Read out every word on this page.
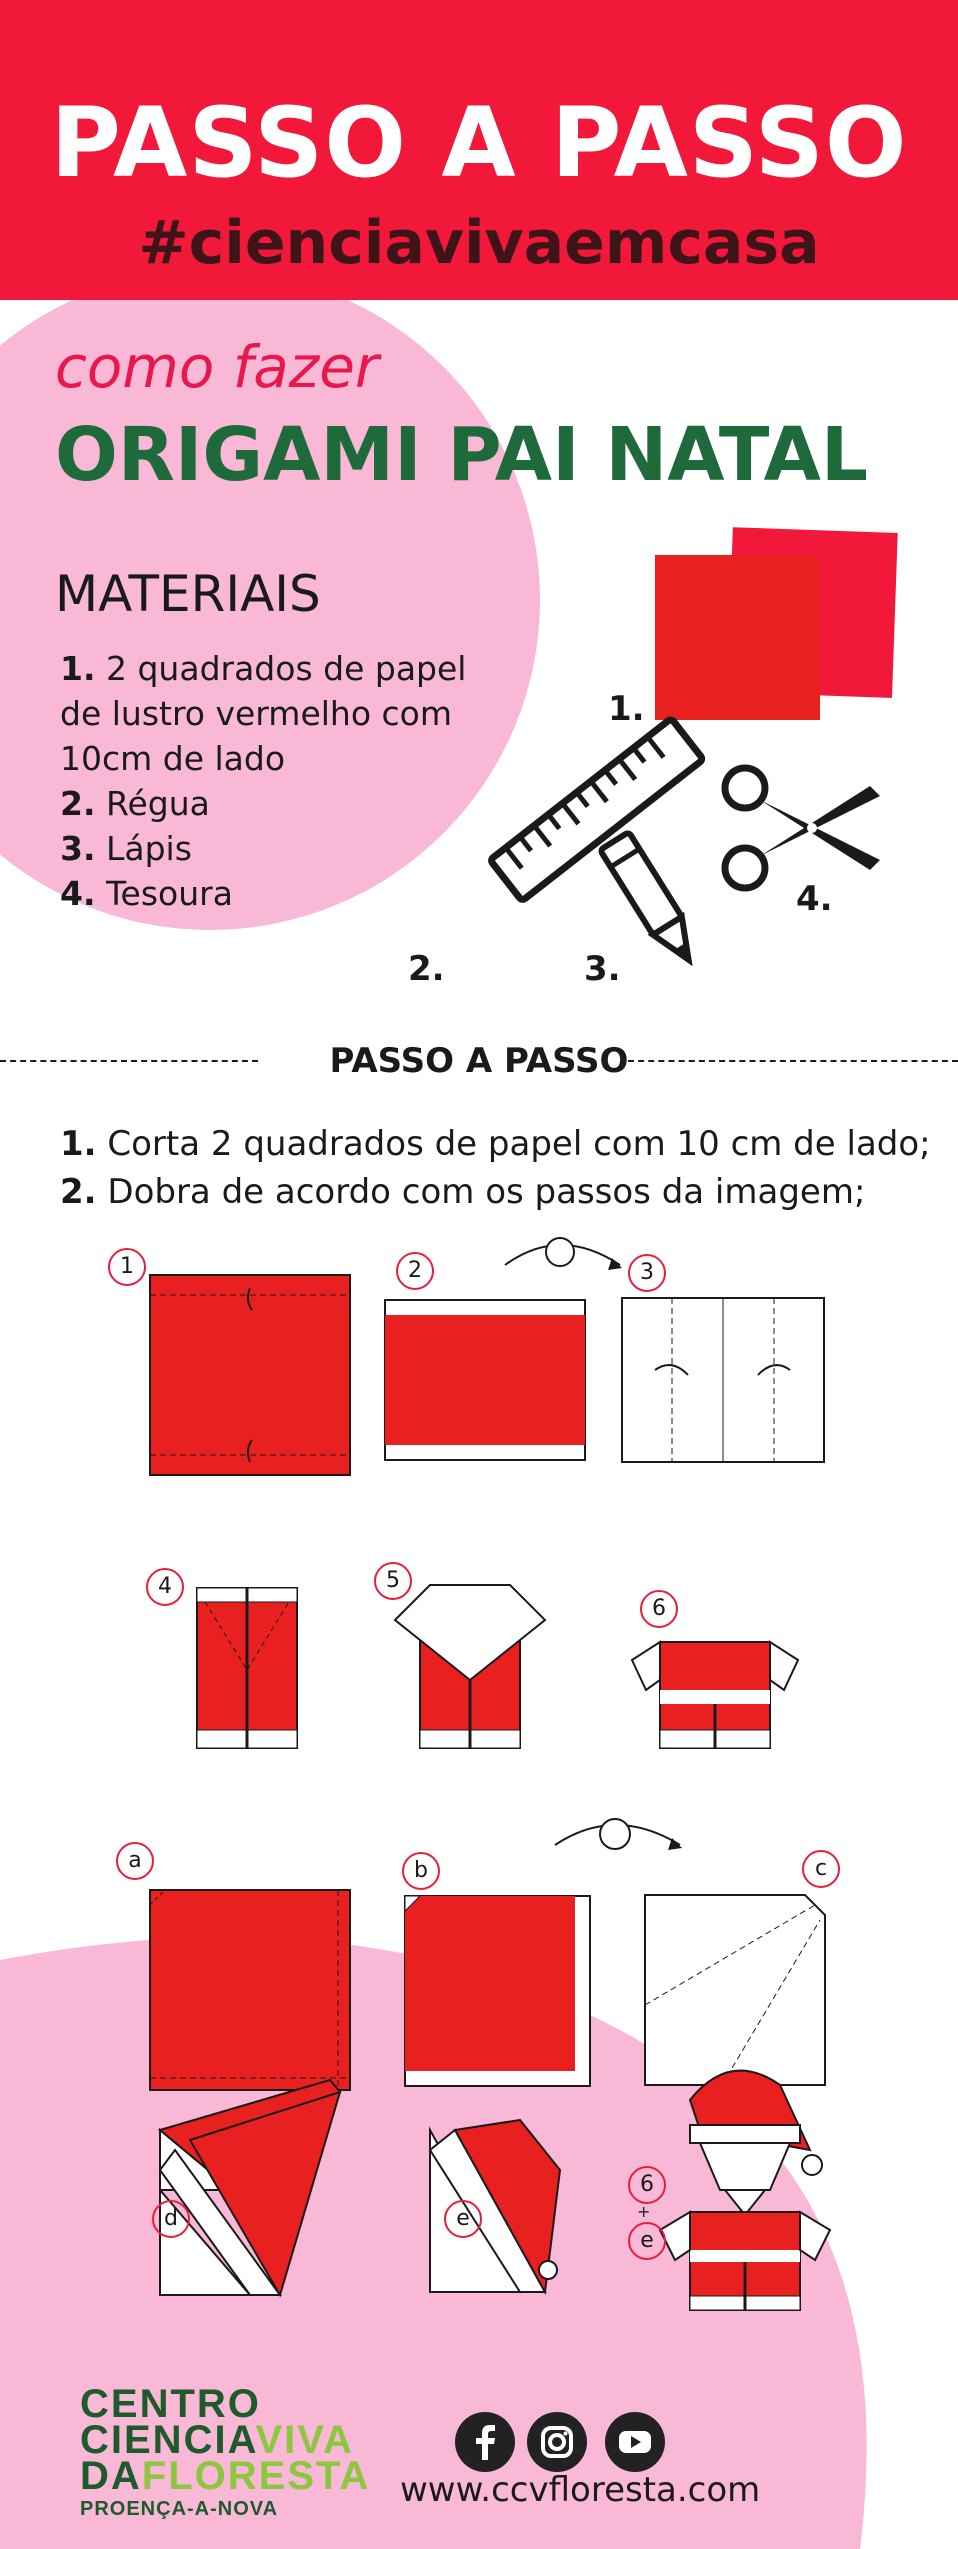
PASSO A PASSO
#cienciavivaemcasa
como fazer
ORIGAMI PAI NATAL
MATERIAIS
1. 2 quadrados de papel de lustro vermelho com 10cm de lado
2. Régua
3. Lápis
4. Tesoura
1.
2.	3.
4.
PASSO A PASSO
1. Corta 2 quadrados de papel com 10 cm de lado;
2. Dobra de acordo com os passos da imagem;
1	2	3
4	5
6
a	b	c
d	e
6
+
e
CENTRO
CIENCIAVIVA
DAFLORESTA
PROENÇA-A-NOVA	www.ccvfloresta.com
